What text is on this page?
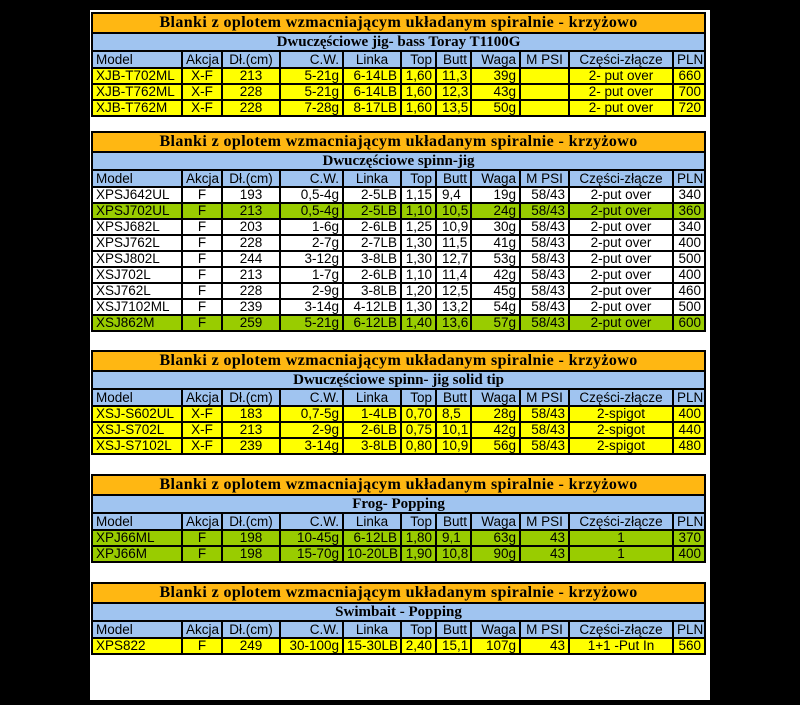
Blanki z oplotem wzmacniającym układanym spiralnie - krzyżowo										
Dwuczęściowe jig- bass Toray T1100G										
Model	Akcja	Dł.(cm)	C.W.	Linka	Top	Butt	Waga	M PSI	Części-złącze	PLN
XJB-T702ML	X-F	213	5-21g	6-14LB	1,60	11,3	39g		2- put over	660
XJB-T762ML	X-F	228	5-21g	6-14LB	1,60	12,3	43g		2- put over	700
XJB-T762M	X-F	228	7-28g	8-17LB	1,60	13,5	50g		2- put over	720
Blanki z oplotem wzmacniającym układanym spiralnie - krzyżowo										
Dwuczęściowe spinn-jig										
Model	Akcja	Dł.(cm)	C.W.	Linka	Top	Butt	Waga	M PSI	Części-złącze	PLN
XPSJ642UL	F	193	0,5-4g	2-5LB	1,15	9,4	19g	58/43	2-put over	340
XPSJ702UL	F	213	0,5-4g	2-5LB	1,10	10,5	24g	58/43	2-put over	360
XPSJ682L	F	203	1-6g	2-6LB	1,25	10,9	30g	58/43	2-put over	340
XPSJ762L	F	228	2-7g	2-7LB	1,30	11,5	41g	58/43	2-put over	400
XPSJ802L	F	244	3-12g	3-8LB	1,30	12,7	53g	58/43	2-put over	500
XSJ702L	F	213	1-7g	2-6LB	1,10	11,4	42g	58/43	2-put over	400
XSJ762L	F	228	2-9g	3-8LB	1,20	12,5	45g	58/43	2-put over	460
XSJ7102ML	F	239	3-14g	4-12LB	1,30	13,2	54g	58/43	2-put over	500
XSJ862M	F	259	5-21g	6-12LB	1,40	13,6	57g	58/43	2-put over	600
Blanki z oplotem wzmacniającym układanym spiralnie - krzyżowo										
Dwuczęściowe spinn- jig solid tip										
Model	Akcja	Dł.(cm)	C.W.	Linka	Top	Butt	Waga	M PSI	Części-złącze	PLN
XSJ-S602UL	X-F	183	0,7-5g	1-4LB	0,70	8,5	28g	58/43	2-spigot	400
XSJ-S702L	X-F	213	2-9g	2-6LB	0,75	10,1	42g	58/43	2-spigot	440
XSJ-S7102L	X-F	239	3-14g	3-8LB	0,80	10,9	56g	58/43	2-spigot	480
Blanki z oplotem wzmacniającym układanym spiralnie - krzyżowo										
Frog- Popping										
Model	Akcja	Dł.(cm)	C.W.	Linka	Top	Butt	Waga	M PSI	Części-złącze	PLN
XPJ66ML	F	198	10-45g	6-12LB	1,80	9,1	63g	43	1	370
XPJ66M	F	198	15-70g	10-20LB	1,90	10,8	90g	43	1	400
Blanki z oplotem wzmacniającym układanym spiralnie - krzyżowo										
Swimbait - Popping										
Model	Akcja	Dł.(cm)	C.W.	Linka	Top	Butt	Waga	M PSI	Części-złącze	PLN
XPS822	F	249	30-100g	15-30LB	2,40	15,1	107g	43	1+1 -Put In	560
